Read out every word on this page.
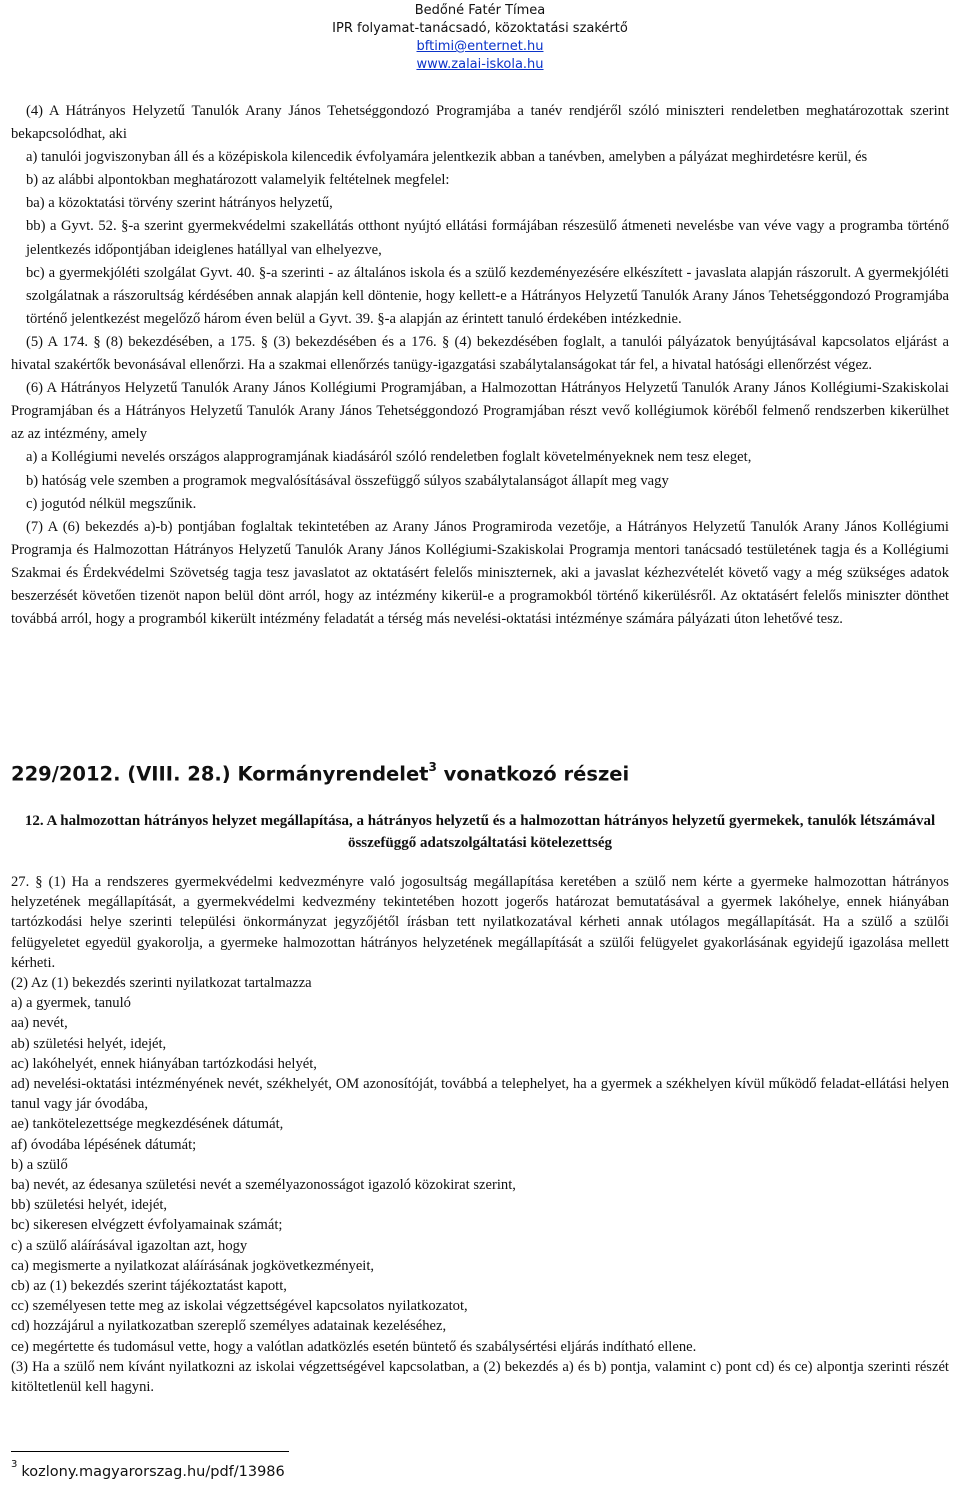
Bedőné Fatér Tímea
IPR folyamat-tanácsadó, közoktatási szakértő
bftimi@enternet.hu
www.zalai-iskola.hu

(4) A Hátrányos Helyzetű Tanulók Arany János Tehetséggondozó Programjába a tanév rendjéről szóló miniszteri rendeletben meghatározottak szerint bekapcsolódhat, aki

a) tanulói jogviszonyban áll és a középiskola kilencedik évfolyamára jelentkezik abban a tanévben, amelyben a pályázat meghirdetésre kerül, és

b) az alábbi alpontokban meghatározott valamelyik feltételnek megfelel:

ba) a közoktatási törvény szerint hátrányos helyzetű,

bb) a Gyvt. 52. §-a szerint gyermekvédelmi szakellátás otthont nyújtó ellátási formájában részesülő átmeneti nevelésbe van véve vagy a programba történő jelentkezés időpontjában ideiglenes hatállyal van elhelyezve,

bc) a gyermekjóléti szolgálat Gyvt. 40. §-a szerinti - az általános iskola és a szülő kezdeményezésére elkészített - javaslata alapján rászorult. A gyermekjóléti szolgálatnak a rászorultság kérdésében annak alapján kell döntenie, hogy kellett-e a Hátrányos Helyzetű Tanulók Arany János Tehetséggondozó Programjába történő jelentkezést megelőző három éven belül a Gyvt. 39. §-a alapján az érintett tanuló érdekében intézkednie.

(5) A 174. § (8) bekezdésében, a 175. § (3) bekezdésében és a 176. § (4) bekezdésében foglalt, a tanulói pályázatok benyújtásával kapcsolatos eljárást a hivatal szakértők bevonásával ellenőrzi. Ha a szakmai ellenőrzés tanügy-igazgatási szabálytalanságokat tár fel, a hivatal hatósági ellenőrzést végez.

(6) A Hátrányos Helyzetű Tanulók Arany János Kollégiumi Programjában, a Halmozottan Hátrányos Helyzetű Tanulók Arany János Kollégiumi-Szakiskolai Programjában és a Hátrányos Helyzetű Tanulók Arany János Tehetséggondozó Programjában részt vevő kollégiumok köréből felmenő rendszerben kikerülhet az az intézmény, amely

a) a Kollégiumi nevelés országos alapprogramjának kiadásáról szóló rendeletben foglalt követelményeknek nem tesz eleget,

b) hatóság vele szemben a programok megvalósításával összefüggő súlyos szabálytalanságot állapít meg vagy

c) jogutód nélkül megszűnik.

(7) A (6) bekezdés a)-b) pontjában foglaltak tekintetében az Arany János Programiroda vezetője, a Hátrányos Helyzetű Tanulók Arany János Kollégiumi Programja és Halmozottan Hátrányos Helyzetű Tanulók Arany János Kollégiumi-Szakiskolai Programja mentori tanácsadó testületének tagja és a Kollégiumi Szakmai és Érdekvédelmi Szövetség tagja tesz javaslatot az oktatásért felelős miniszternek, aki a javaslat kézhezvételét követő vagy a még szükséges adatok beszerzését követően tizenöt napon belül dönt arról, hogy az intézmény kikerül-e a programokból történő kikerülésről. Az oktatásért felelős miniszter dönthet továbbá arról, hogy a programból kikerült intézmény feladatát a térség más nevelési-oktatási intézménye számára pályázati úton lehetővé tesz.

229/2012. (VIII. 28.) Kormányrendelet$^3$ vonatkozó részei
12. A halmozottan hátrányos helyzet megállapítása, a hátrányos helyzetű és a halmozottan hátrányos helyzetű gyermekek, tanulók létszámával összefüggő adatszolgáltatási kötelezettség

27. § (1) Ha a rendszeres gyermekvédelmi kedvezményre való jogosultság megállapítása keretében a szülő nem kérte a gyermeke halmozottan hátrányos helyzetének megállapítását, a gyermekvédelmi kedvezmény tekintetében hozott jogerős határozat bemutatásával a gyermek lakóhelye, ennek hiányában tartózkodási helye szerinti települési önkormányzat jegyzőjétől írásban tett nyilatkozatával kérheti annak utólagos megállapítását. Ha a szülő a szülői felügyeletet egyedül gyakorolja, a gyermeke halmozottan hátrányos helyzetének megállapítását a szülői felügyelet gyakorlásának egyidejű igazolása mellett kérheti.

(2) Az (1) bekezdés szerinti nyilatkozat tartalmazza

a) a gyermek, tanuló

aa) nevét,

ab) születési helyét, idejét,

ac) lakóhelyét, ennek hiányában tartózkodási helyét,

ad) nevelési-oktatási intézményének nevét, székhelyét, OM azonosítóját, továbbá a telephelyet, ha a gyermek a székhelyen kívül működő feladat-ellátási helyen tanul vagy jár óvodába,

ae) tankötelezettsége megkezdésének dátumát,

af) óvodába lépésének dátumát;

b) a szülő

ba) nevét, az édesanya születési nevét a személyazonosságot igazoló közokirat szerint,

bb) születési helyét, idejét,

bc) sikeresen elvégzett évfolyamainak számát;

c) a szülő aláírásával igazoltan azt, hogy

ca) megismerte a nyilatkozat aláírásának jogkövetkezményeit,

cb) az (1) bekezdés szerint tájékoztatást kapott,

cc) személyesen tette meg az iskolai végzettségével kapcsolatos nyilatkozatot,

cd) hozzájárul a nyilatkozatban szereplő személyes adatainak kezeléséhez,

ce) megértette és tudomásul vette, hogy a valótlan adatközlés esetén büntető és szabálysértési eljárás indítható ellene.

(3) Ha a szülő nem kívánt nyilatkozni az iskolai végzettségével kapcsolatban, a (2) bekezdés a) és b) pontja, valamint c) pont cd) és ce) alpontja szerinti részét kitöltetlenül kell hagyni.

$^3$ kozlony.magyarorszag.hu/pdf/13986
